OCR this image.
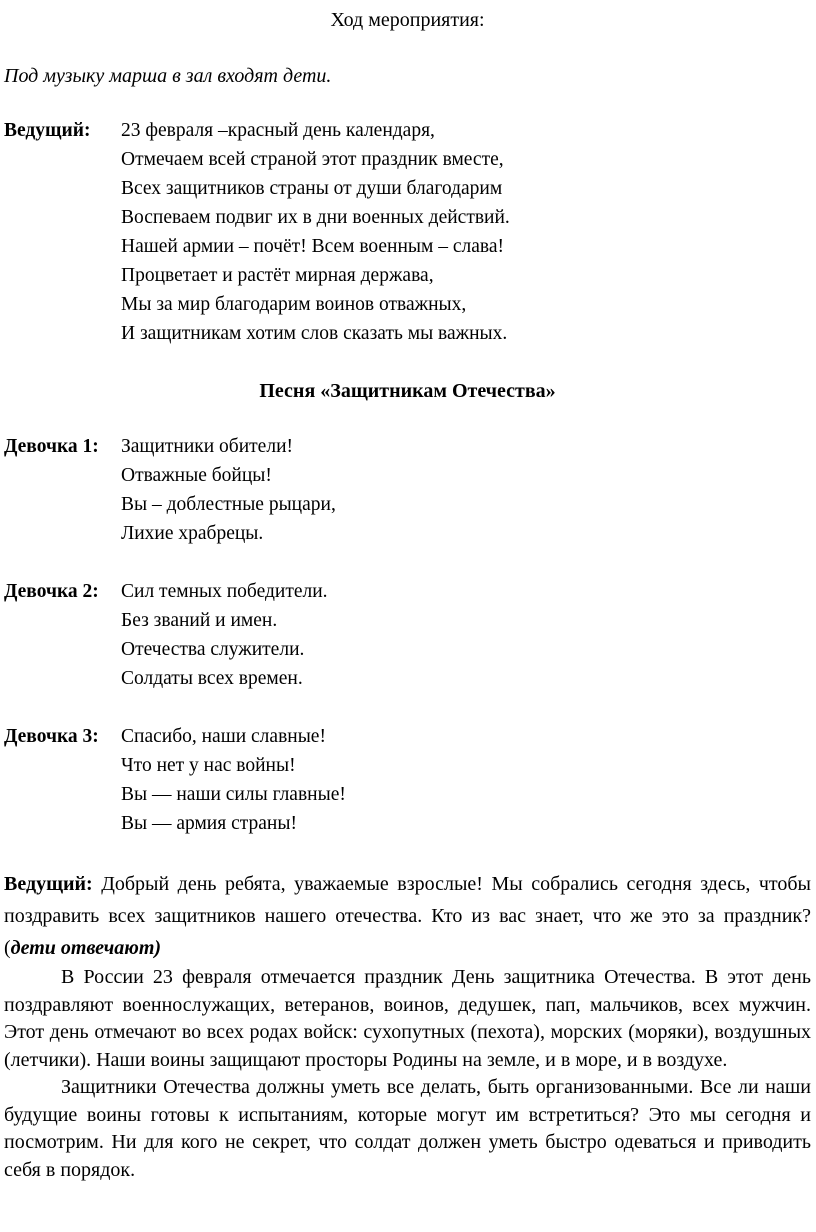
Ход мероприятия:
Под музыку марша в зал входят дети.
Ведущий:	23 февраля –красный день календаря,
Отмечаем всей страной этот праздник вместе,
Всех защитников страны от души благодарим
Воспеваем подвиг их в дни военных действий.
Нашей армии – почёт! Всем военным – слава!
Процветает и растёт мирная держава,
Мы за мир благодарим воинов отважных,
И защитникам хотим слов сказать мы важных.
Песня «Защитникам Отечества»
Девочка 1:	Защитники обители!
Отважные бойцы!
Вы – доблестные рыцари,
Лихие храбрецы.
Девочка 2:	Сил темных победители.
Без званий и имен.
Отечества служители.
Солдаты всех времен.
Девочка 3:	Спасибо, наши славные!
Что нет у нас войны!
Вы — наши силы главные!
Вы — армия страны!

Ведущий: Добрый день ребята, уважаемые взрослые! Мы собрались сегодня здесь, чтобы поздравить всех защитников нашего отечества. Кто из вас знает, что же это за праздник? (дети отвечают)

В России 23 февраля отмечается праздник День защитника Отечества. В этот день поздравляют военнослужащих, ветеранов, воинов, дедушек, пап, мальчиков, всех мужчин. Этот день отмечают во всех родах войск: сухопутных (пехота), морских (моряки), воздушных (летчики). Наши воины защищают просторы Родины на земле, и в море, и в воздухе.

Защитники Отечества должны уметь все делать, быть организованными. Все ли наши будущие воины готовы к испытаниям, которые могут им встретиться? Это мы сегодня и посмотрим. Ни для кого не секрет, что солдат должен уметь быстро одеваться и приводить себя в порядок.
